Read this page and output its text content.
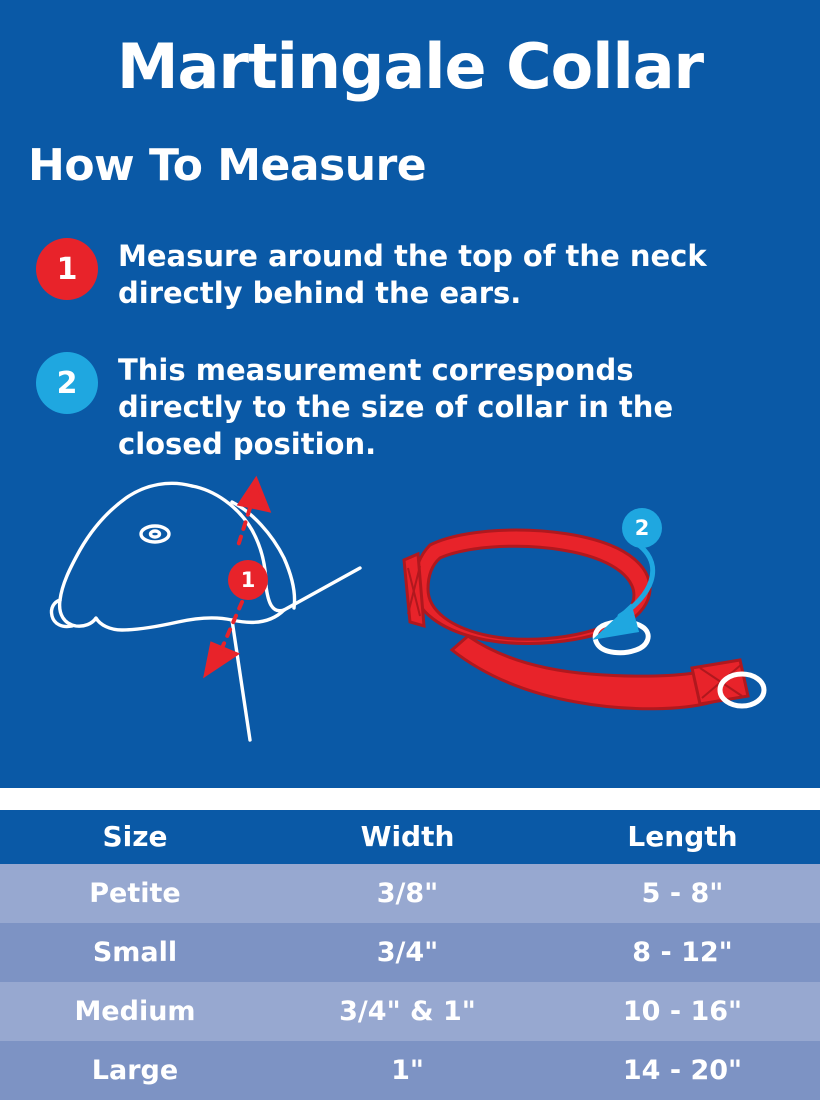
Martingale Collar
How To Measure
1	Measure around the top of the neck directly behind the ears.
2	This measurement corresponds directly to the size of collar in the closed position.
1
2
Size	Width	Length
Petite	3/8"	5 - 8"
Small	3/4"	8 - 12"
Medium	3/4" & 1"	10 - 16"
Large	1"	14 - 20"
